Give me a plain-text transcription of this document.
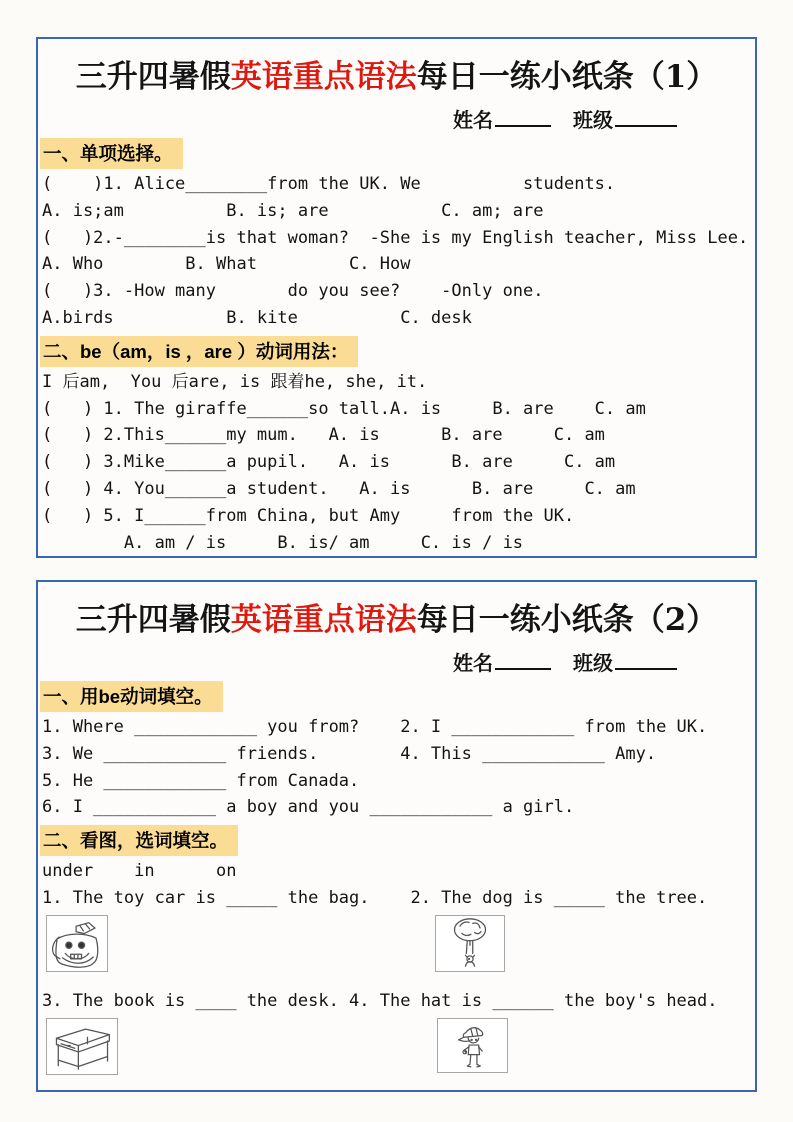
三升四暑假英语重点语法每日一练小纸条（1）
姓名	班级
一、单项选择。
(    )1. Alice________from the UK. We          students.
A. is;am          B. is; are           C. am; are
(   )2.-________is that woman?  -She is my English teacher, Miss Lee.
A. Who        B. What         C. How
(   )3. -How many       do you see?    -Only one.
A.birds           B. kite          C. desk
二、be（am，is ，are ）动词用法：
I 后am,  You 后are, is 跟着he, she, it.
(   ) 1. The giraffe______so tall.A. is     B. are    C. am
(   ) 2.This______my mum.   A. is      B. are     C. am
(   ) 3.Mike______a pupil.   A. is      B. are     C. am
(   ) 4. You______a student.   A. is      B. are     C. am
(   ) 5. I______from China, but Amy     from the UK.
A. am / is     B. is/ am     C. is / is
三升四暑假英语重点语法每日一练小纸条（2）
姓名	班级
一、用be动词填空。
1. Where ____________ you from?    2. I ____________ from the UK.
3. We ____________ friends.        4. This ____________ Amy.
5. He ____________ from Canada.
6. I ____________ a boy and you ____________ a girl.
二、看图，选词填空。
under    in      on
1. The toy car is _____ the bag.    2. The dog is _____ the tree.
3. The book is ____ the desk. 4. The hat is ______ the boy's head.
